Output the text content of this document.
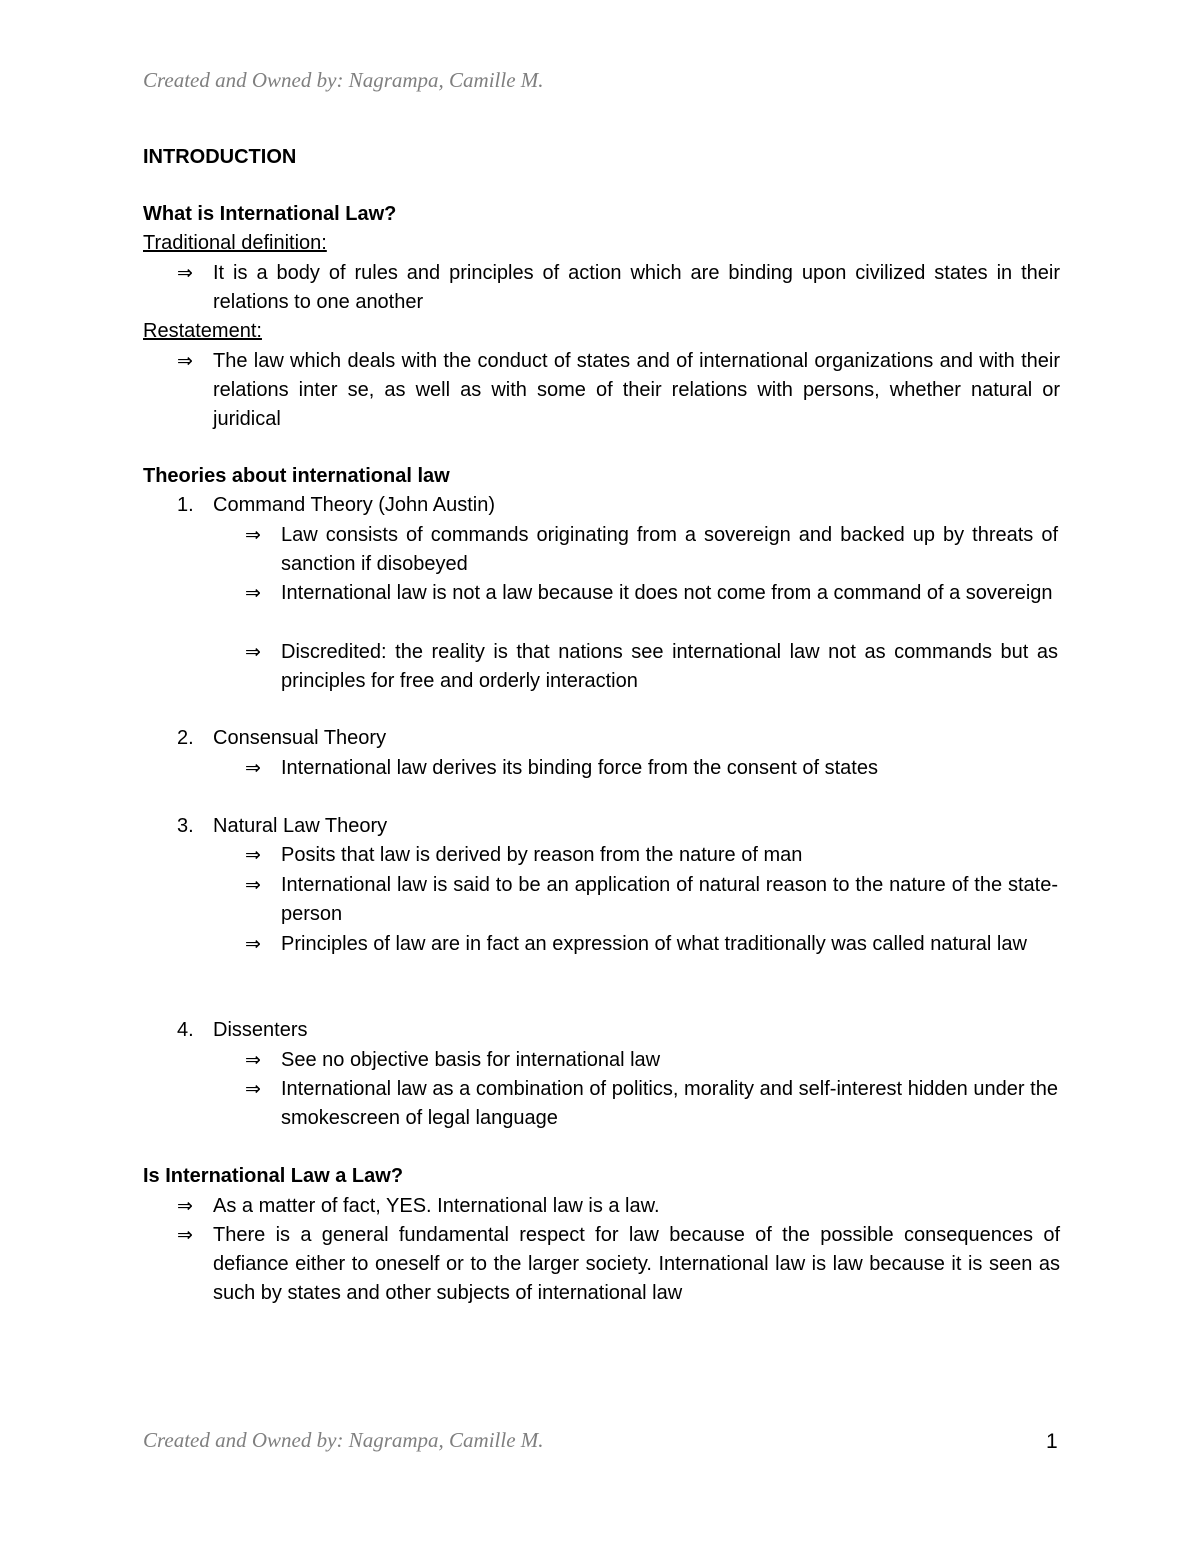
Created and Owned by: Nagrampa, Camille M.
INTRODUCTION
What is International Law?
Traditional definition:
⇒	It is a body of rules and principles of action which are binding upon civilized states in their relations to one another
Restatement:
⇒	The law which deals with the conduct of states and of international organizations and with their relations inter se, as well as with some of their relations with persons, whether natural or juridical
Theories about international law
1. Command Theory (John Austin)
⇒	Law consists of commands originating from a sovereign and backed up by threats of sanction if disobeyed
⇒	International law is not a law because it does not come from a command of a sovereign
⇒	Discredited: the reality is that nations see international law not as commands but as principles for free and orderly interaction
2. Consensual Theory
⇒	International law derives its binding force from the consent of states
3. Natural Law Theory
⇒	Posits that law is derived by reason from the nature of man
⇒	International law is said to be an application of natural reason to the nature of the state-person
⇒	Principles of law are in fact an expression of what traditionally was called natural law
4. Dissenters
⇒	See no objective basis for international law
⇒	International law as a combination of politics, morality and self-interest hidden under the smokescreen of legal language
Is International Law a Law?
⇒	As a matter of fact, YES. International law is a law.
⇒	There is a general fundamental respect for law because of the possible consequences of defiance either to oneself or to the larger society. International law is law because it is seen as such by states and other subjects of international law
Created and Owned by: Nagrampa, Camille M.	1
